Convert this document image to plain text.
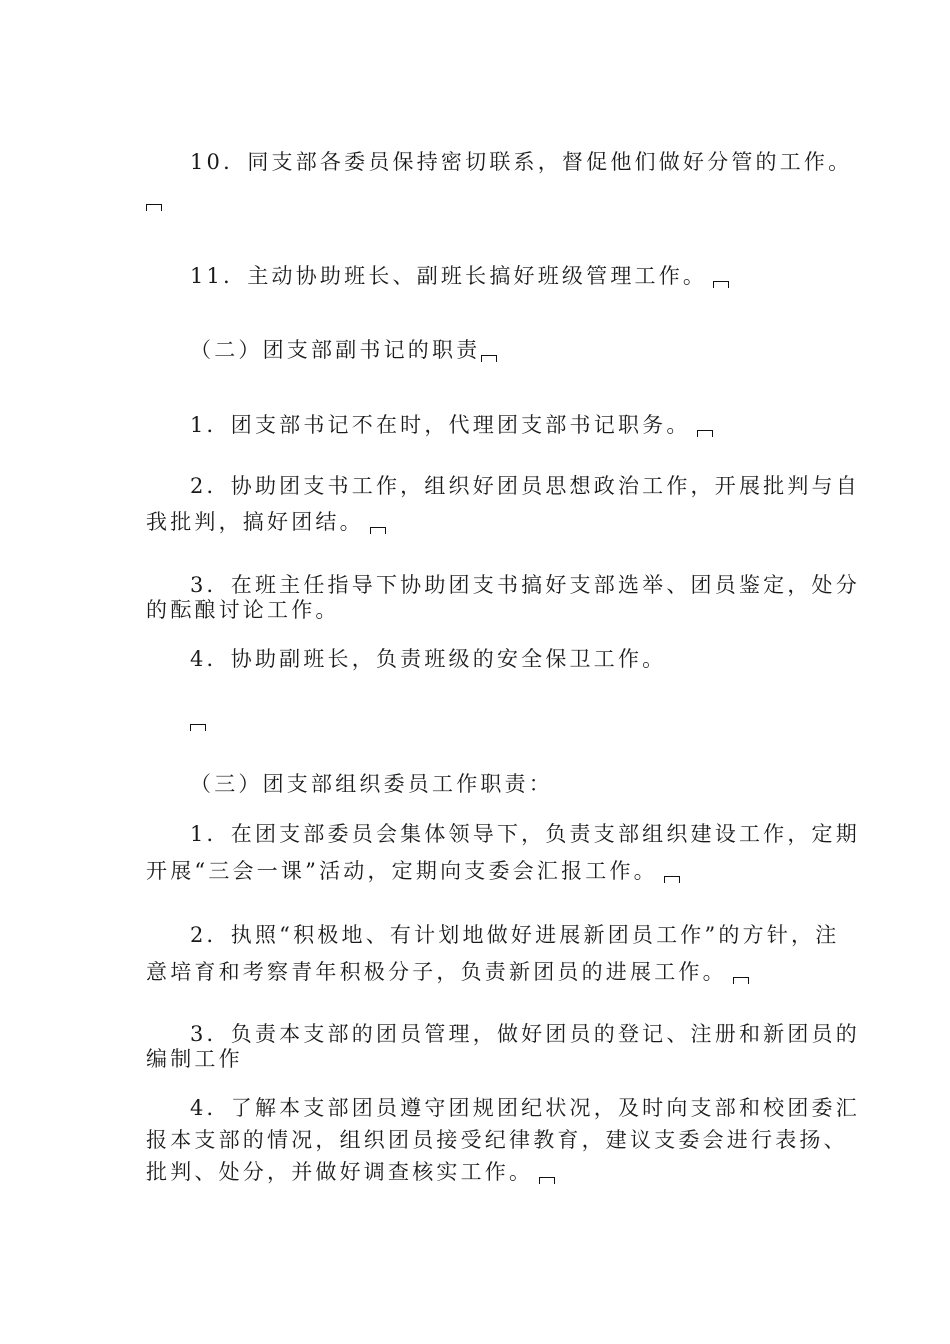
10．同支部各委员保持密切联系，督促他们做好分管的工作。
11．主动协助班长、副班长搞好班级管理工作。
（二）团支部副书记的职责
1．团支部书记不在时，代理团支部书记职务。
2．协助团支书工作，组织好团员思想政治工作，开展批判与自
我批判，搞好团结。
3．在班主任指导下协助团支书搞好支部选举、团员鉴定，处分
的酝酿讨论工作。
4．协助副班长，负责班级的安全保卫工作。
（三）团支部组织委员工作职责：
1．在团支部委员会集体领导下，负责支部组织建设工作，定期
开展“三会一课”活动，定期向支委会汇报工作。
2．执照“积极地、有计划地做好进展新团员工作”的方针，注
意培育和考察青年积极分子，负责新团员的进展工作。
3．负责本支部的团员管理，做好团员的登记、注册和新团员的
编制工作
4．了解本支部团员遵守团规团纪状况，及时向支部和校团委汇
报本支部的情况，组织团员接受纪律教育，建议支委会进行表扬、
批判、处分，并做好调查核实工作。
